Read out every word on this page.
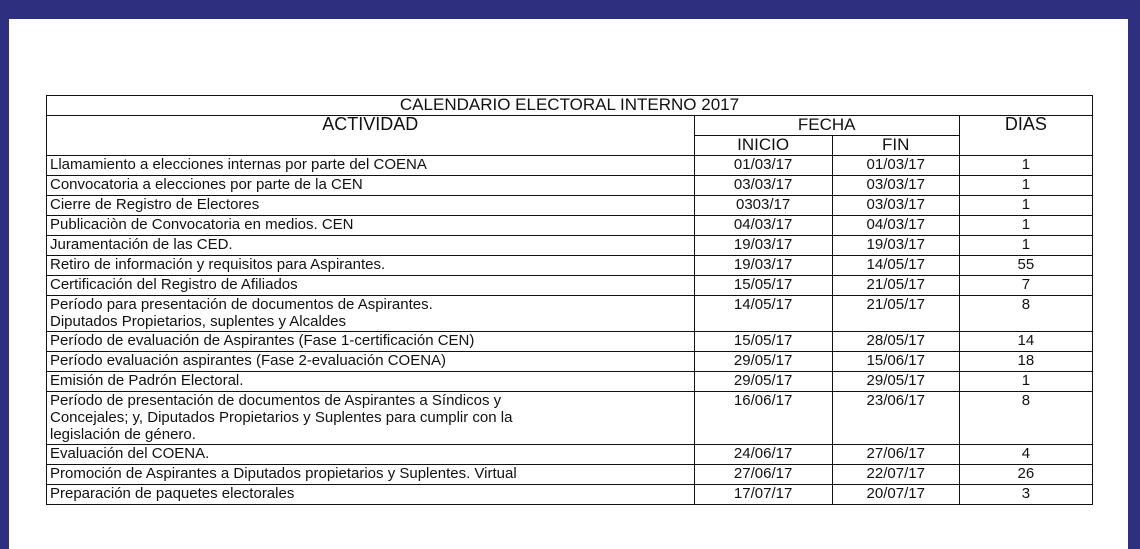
CALENDARIO ELECTORAL INTERNO 2017			
ACTIVIDAD	FECHA		DIAS
	INICIO	FIN	
Llamamiento a elecciones internas por parte del COENA	01/03/17	01/03/17	1
Convocatoria a elecciones por parte de la CEN	03/03/17	03/03/17	1
Cierre de Registro de Electores	0303/17	03/03/17	1
Publicaciòn de Convocatoria en medios. CEN	04/03/17	04/03/17	1
Juramentación de las CED.	19/03/17	19/03/17	1
Retiro de información y requisitos para Aspirantes.	19/03/17	14/05/17	55
Certificación del Registro de Afiliados	15/05/17	21/05/17	7
Período para presentación de documentos de Aspirantes.
Diputados Propietarios, suplentes y Alcaldes	14/05/17	21/05/17	8
Período de evaluación de Aspirantes (Fase 1-certificación CEN)	15/05/17	28/05/17	14
Período evaluación aspirantes (Fase 2-evaluación COENA)	29/05/17	15/06/17	18
Emisión de Padrón Electoral.	29/05/17	29/05/17	1
Período de presentación de documentos de Aspirantes a Síndicos y
Concejales; y, Diputados Propietarios y Suplentes para cumplir con la
legislación de género.	16/06/17	23/06/17	8
Evaluación del COENA.	24/06/17	27/06/17	4
Promoción de Aspirantes a Diputados propietarios y Suplentes. Virtual	27/06/17	22/07/17	26
Preparación de paquetes electorales	17/07/17	20/07/17	3
